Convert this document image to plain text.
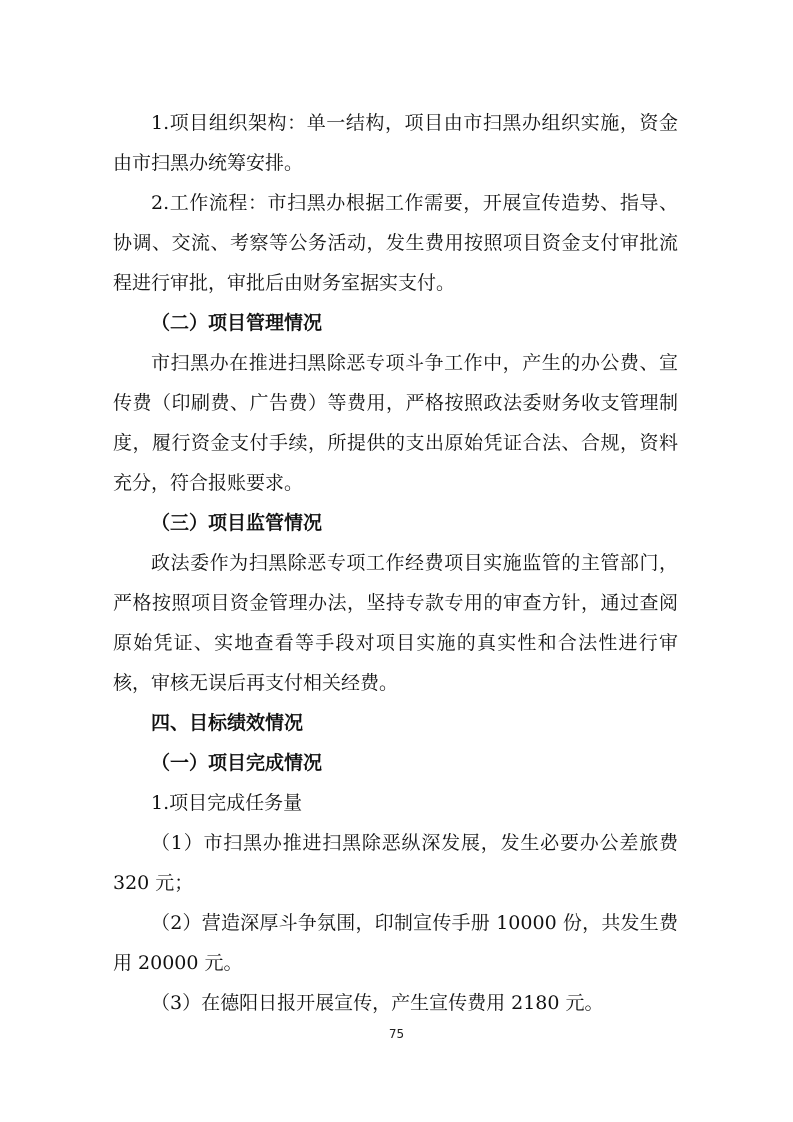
1.项目组织架构：单一结构，项目由市扫黑办组织实施，资金由市扫黑办统筹安排。

2.工作流程：市扫黑办根据工作需要，开展宣传造势、指导、协调、交流、考察等公务活动，发生费用按照项目资金支付审批流程进行审批，审批后由财务室据实支付。

（二）项目管理情况

市扫黑办在推进扫黑除恶专项斗争工作中，产生的办公费、宣传费（印刷费、广告费）等费用，严格按照政法委财务收支管理制度，履行资金支付手续，所提供的支出原始凭证合法、合规，资料充分，符合报账要求。

（三）项目监管情况

政法委作为扫黑除恶专项工作经费项目实施监管的主管部门，严格按照项目资金管理办法，坚持专款专用的审查方针，通过查阅原始凭证、实地查看等手段对项目实施的真实性和合法性进行审核，审核无误后再支付相关经费。

四、目标绩效情况

（一）项目完成情况

1.项目完成任务量

（1）市扫黑办推进扫黑除恶纵深发展，发生必要办公差旅费 320 元；

（2）营造深厚斗争氛围，印制宣传手册 10000 份，共发生费用 20000 元。

（3）在德阳日报开展宣传，产生宣传费用 2180 元。

75
